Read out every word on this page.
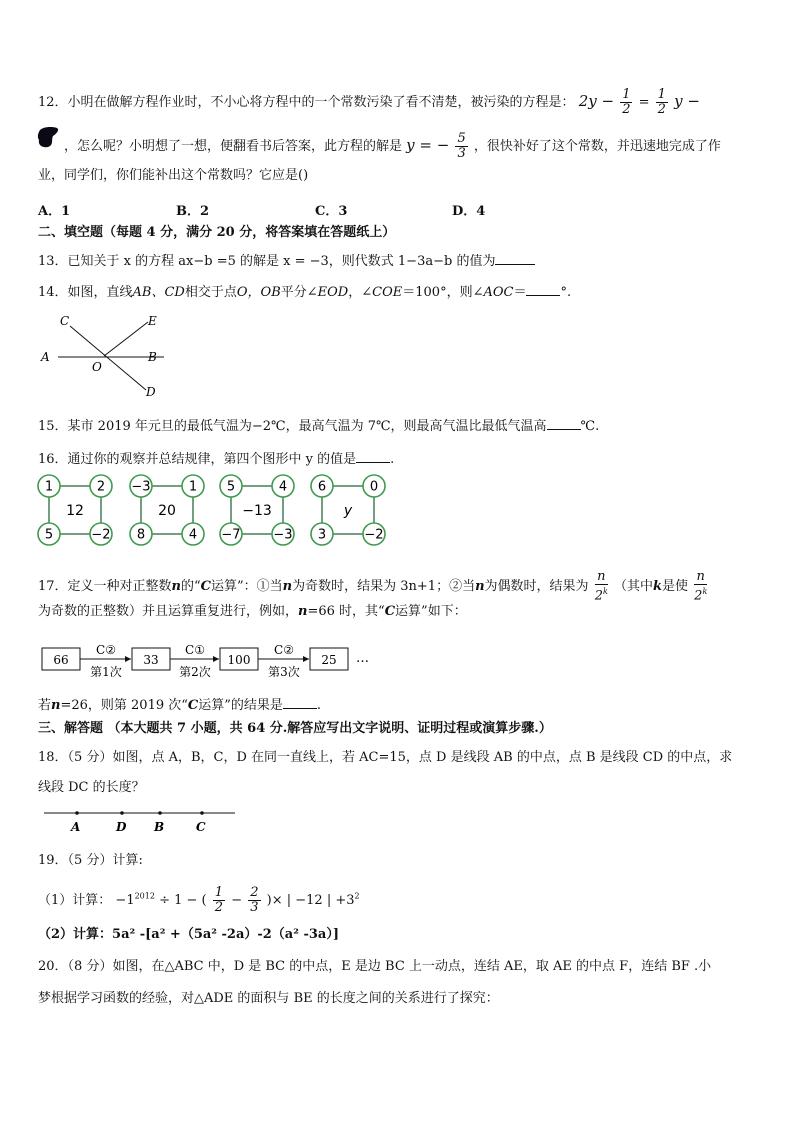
12．小明在做解方程作业时，不小心将方程中的一个常数污染了看不清楚，被污染的方程是： $2y - \frac{1}{2} = \frac{1}{2}$ y −
，怎么呢？小明想了一想，便翻看书后答案，此方程的解是 y = − $\frac{5}{3}$ ，很快补好了这个常数，并迅速地完成了作
业，同学们，你们能补出这个常数吗？它应是()
A．1	B．2	C．3	D．4
二、填空题（每题 4 分，满分 20 分，将答案填在答题纸上）
13．已知关于 x 的方程 ax−b =5 的解是 x = −3，则代数式 1−3a−b 的值为
14．如图，直线AB、CD相交于点O，OB平分∠EOD，∠COE＝100°，则∠AOC＝	°.
C	E
A	B
O
D
15．某市 2019 年元旦的最低气温为−2℃，最高气温为 7℃，则最高气温比最低气温高	℃.
16．通过你的观察并总结规律，第四个图形中 y 的值是	.
1	2
5	−2
12
−3	1
8	4
20
5	4
−7	−3
−13
6	0
3	−2
y
17．定义一种对正整数n的“C运算”：①当n为奇数时，结果为 3n+1；②当n为偶数时，结果为 $\frac{n}{2^k}$ （其中k是使 $\frac{n}{2^k}$
为奇数的正整数）并且运算重复进行，例如，n=66 时，其“C运算”如下：
66	33	100	25
C②
第1次
C①
第2次
C②
第3次
…
若n=26，则第 2019 次“C运算”的结果是	.
三、解答题 （本大题共 7 小题，共 64 分.解答应写出文字说明、证明过程或演算步骤.）
18．（5 分）如图，点 A，B，C，D 在同一直线上，若 AC=15，点 D 是线段 AB 的中点，点 B 是线段 CD 的中点，求
线段 DC 的长度？
A	D B	C
19．（5 分）计算:
（1）计算： $-1^{2012} \div 1$ − ( $\frac{1}{2} - \frac{2}{3}$ )× | −12 | $+3^2$
（2）计算：5a² -[a² +（5a² -2a）-2（a² -3a）]
20．（8 分）如图，在△ABC 中，D 是 BC 的中点，E 是边 BC 上一动点，连结 AE，取 AE 的中点 F，连结 BF .小
梦根据学习函数的经验，对△ADE 的面积与 BE 的长度之间的关系进行了探究：
